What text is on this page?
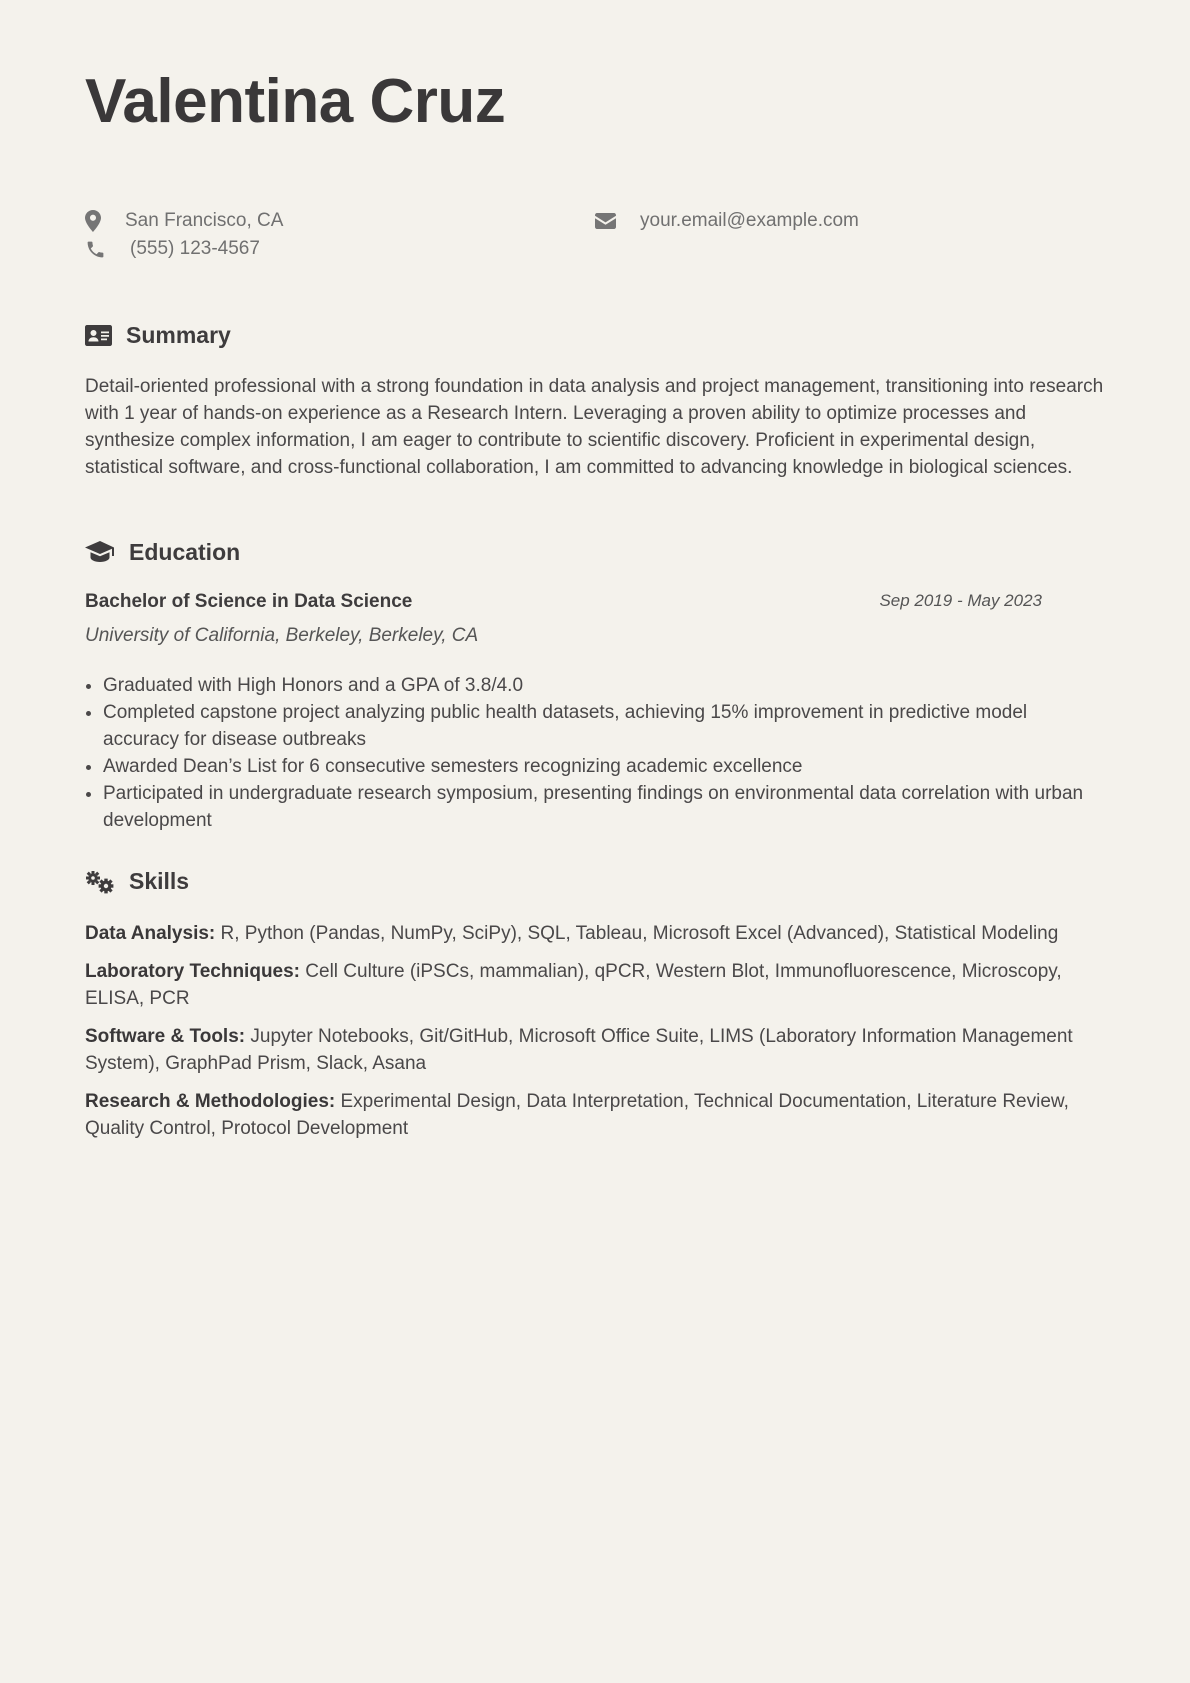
Valentina Cruz
San Francisco, CA
(555) 123-4567
your.email@example.com
Summary

Detail-oriented professional with a strong foundation in data analysis and project management, transitioning into research with 1 year of hands-on experience as a Research Intern. Leveraging a proven ability to optimize processes and synthesize complex information, I am eager to contribute to scientific discovery. Proficient in experimental design, statistical software, and cross-functional collaboration, I am committed to advancing knowledge in biological sciences.

Education
Bachelor of Science in Data Science	Sep 2019 - May 2023
University of California, Berkeley, Berkeley, CA
• Graduated with High Honors and a GPA of 3.8/4.0
• Completed capstone project analyzing public health datasets, achieving 15% improvement in predictive model accuracy for disease outbreaks
• Awarded Dean’s List for 6 consecutive semesters recognizing academic excellence
• Participated in undergraduate research symposium, presenting findings on environmental data correlation with urban development
Skills

Data Analysis: R, Python (Pandas, NumPy, SciPy), SQL, Tableau, Microsoft Excel (Advanced), Statistical Modeling

Laboratory Techniques: Cell Culture (iPSCs, mammalian), qPCR, Western Blot, Immunofluorescence, Microscopy, ELISA, PCR

Software & Tools: Jupyter Notebooks, Git/GitHub, Microsoft Office Suite, LIMS (Laboratory Information Management System), GraphPad Prism, Slack, Asana

Research & Methodologies: Experimental Design, Data Interpretation, Technical Documentation, Literature Review, Quality Control, Protocol Development
